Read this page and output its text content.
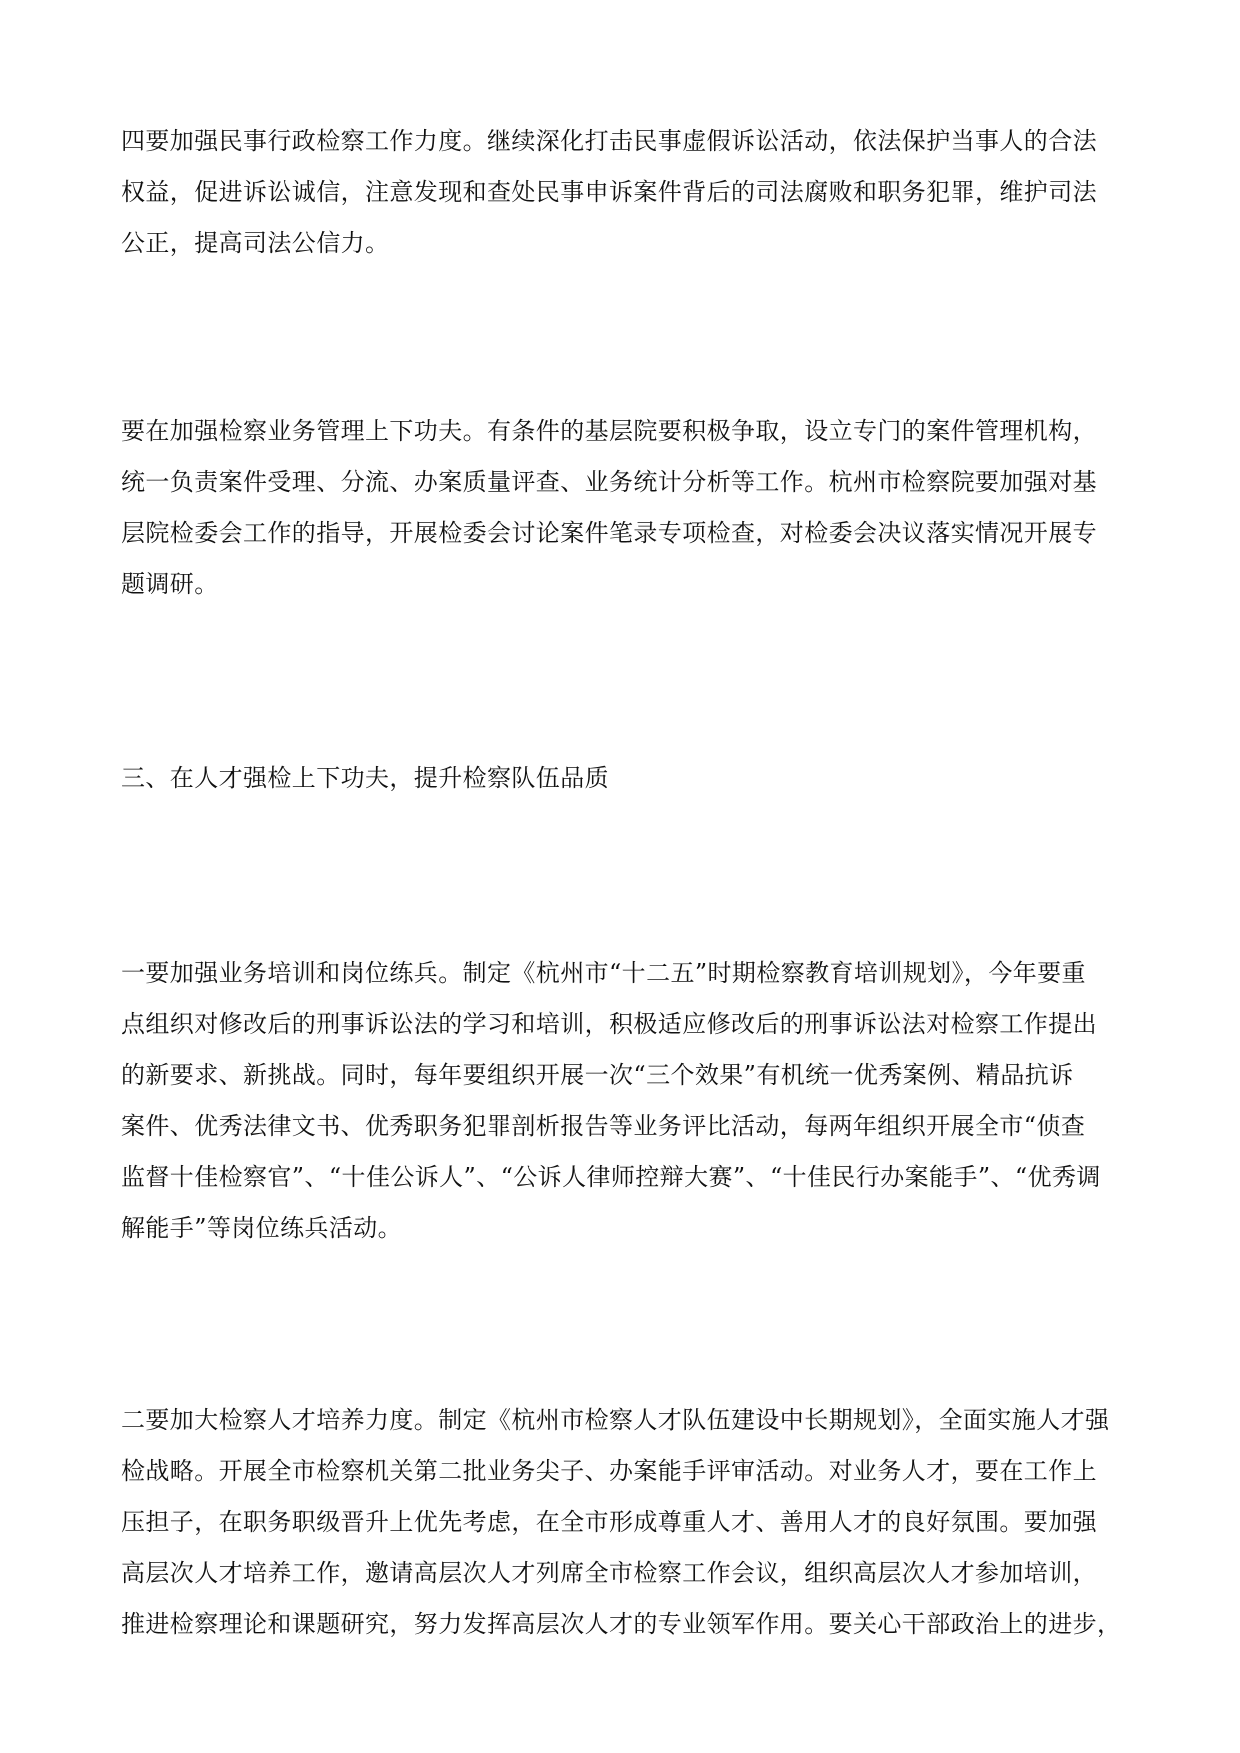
四要加强民事行政检察工作力度。继续深化打击民事虚假诉讼活动，依法保护当事人的合法
权益，促进诉讼诚信，注意发现和查处民事申诉案件背后的司法腐败和职务犯罪，维护司法
公正，提高司法公信力。

要在加强检察业务管理上下功夫。有条件的基层院要积极争取，设立专门的案件管理机构，
统一负责案件受理、分流、办案质量评查、业务统计分析等工作。杭州市检察院要加强对基
层院检委会工作的指导，开展检委会讨论案件笔录专项检查，对检委会决议落实情况开展专
题调研。

三、在人才强检上下功夫，提升检察队伍品质

一要加强业务培训和岗位练兵。制定《杭州市“十二五”时期检察教育培训规划》，今年要重
点组织对修改后的刑事诉讼法的学习和培训，积极适应修改后的刑事诉讼法对检察工作提出
的新要求、新挑战。同时，每年要组织开展一次“三个效果”有机统一优秀案例、精品抗诉
案件、优秀法律文书、优秀职务犯罪剖析报告等业务评比活动，每两年组织开展全市“侦查
监督十佳检察官”、“十佳公诉人”、“公诉人律师控辩大赛”、“十佳民行办案能手”、“优秀调
解能手”等岗位练兵活动。

二要加大检察人才培养力度。制定《杭州市检察人才队伍建设中长期规划》，全面实施人才强
检战略。开展全市检察机关第二批业务尖子、办案能手评审活动。对业务人才，要在工作上
压担子，在职务职级晋升上优先考虑，在全市形成尊重人才、善用人才的良好氛围。要加强
高层次人才培养工作，邀请高层次人才列席全市检察工作会议，组织高层次人才参加培训，
推进检察理论和课题研究，努力发挥高层次人才的专业领军作用。要关心干部政治上的进步，
